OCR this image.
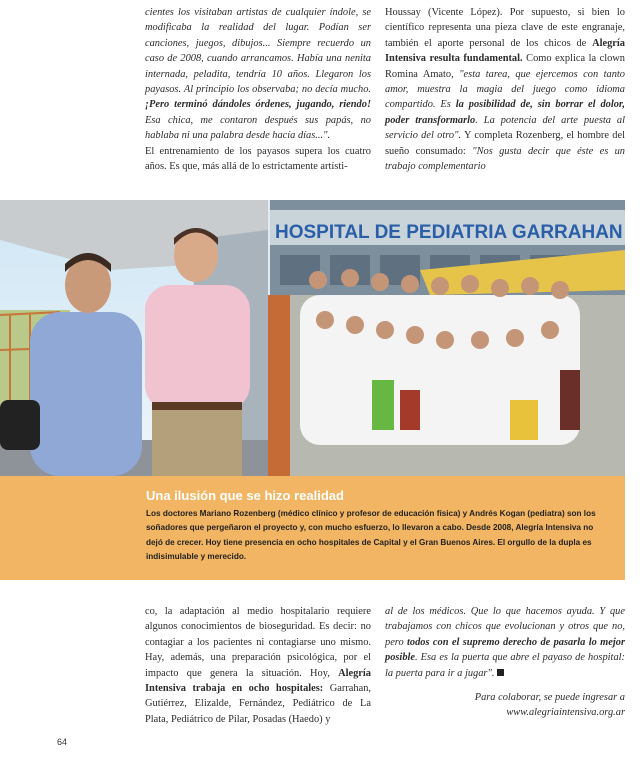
cientes los visitaban artistas de cualquier índole, se modificaba la realidad del lugar. Podían ser canciones, juegos, dibujos... Siempre recuerdo un caso de 2008, cuando arrancamos. Había una nenita internada, peladita, tendría 10 años. Llegaron los payasos. Al principio los observaba; no decía mucho. ¡Pero terminó dándoles órdenes, jugando, riendo! Esa chica, me contaron después sus papás, no hablaba ni una palabra desde hacía días...".

El entrenamiento de los payasos supera los cuatro años. Es que, más allá de lo estrictamente artísti-

Houssay (Vicente López). Por supuesto, si bien lo científico representa una pieza clave de este engranaje, también el aporte personal de los chicos de Alegría Intensiva resulta fundamental. Como explica la clown Romina Amato, "esta tarea, que ejercemos con tanto amor, muestra la magia del juego como idioma compartido. Es la posibilidad de, sin borrar el dolor, poder transformarlo. La potencia del arte puesta al servicio del otro". Y completa Rozenberg, el hombre del sueño consumado: "Nos gusta decir que éste es un trabajo complementario

HOSPITAL DE PEDIATRIA GARRAHAN

Una ilusión que se hizo realidad

Los doctores Mariano Rozenberg (médico clínico y profesor de educación física) y Andrés Kogan (pediatra) son los soñadores que pergeñaron el proyecto y, con mucho esfuerzo, lo llevaron a cabo. Desde 2008, Alegría Intensiva no dejó de crecer. Hoy tiene presencia en ocho hospitales de Capital y el Gran Buenos Aires. El orgullo de la dupla es indisimulable y merecido.

co, la adaptación al medio hospitalario requiere algunos conocimientos de bioseguridad. Es decir: no contagiar a los pacientes ni contagiarse uno mismo. Hay, además, una preparación psicológica, por el impacto que genera la situación. Hoy, Alegría Intensiva trabaja en ocho hospitales: Garrahan, Gutiérrez, Elizalde, Fernández, Pediátrico de La Plata, Pediátrico de Pilar, Posadas (Haedo) y

al de los médicos. Que lo que hacemos ayuda. Y que trabajamos con chicos que evolucionan y otros que no, pero todos con el supremo derecho de pasarla lo mejor posible. Esa es la puerta que abre el payaso de hospital: la puerta para ir a jugar".

Para colaborar, se puede ingresar a
www.alegriaintensiva.org.ar
64
